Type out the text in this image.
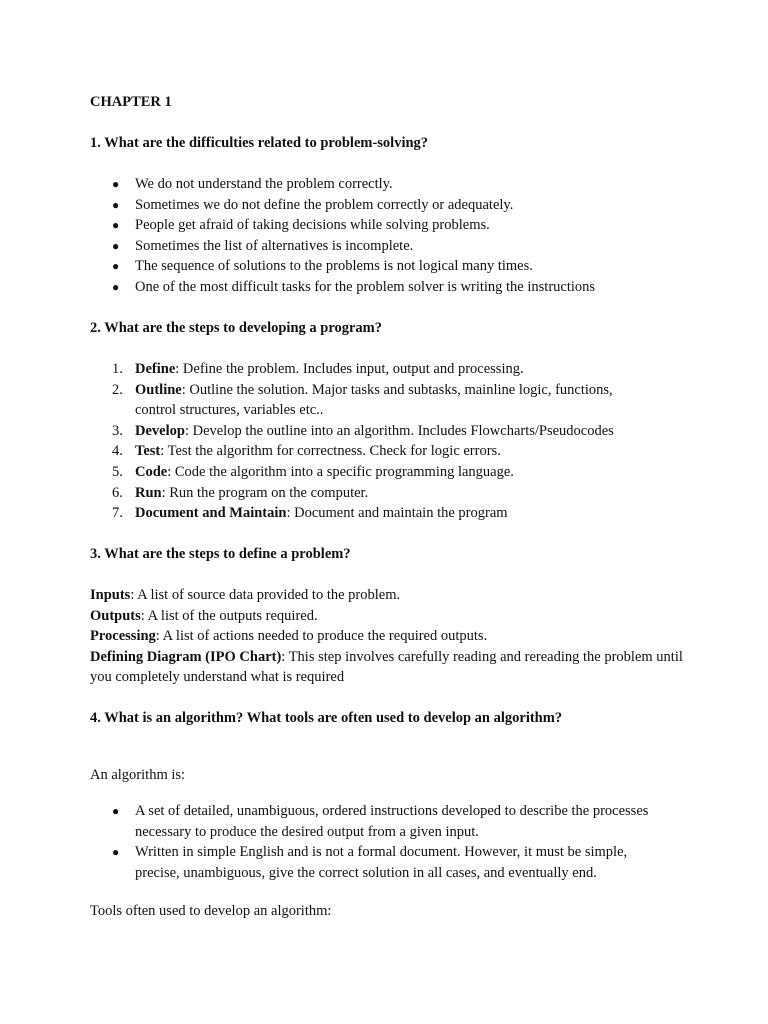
CHAPTER 1
1. What are the difficulties related to problem-solving?
● We do not understand the problem correctly.
● Sometimes we do not define the problem correctly or adequately.
● People get afraid of taking decisions while solving problems.
● Sometimes the list of alternatives is incomplete.
● The sequence of solutions to the problems is not logical many times.
● One of the most difficult tasks for the problem solver is writing the instructions
2. What are the steps to developing a program?
1. Define: Define the problem. Includes input, output and processing.
2. Outline: Outline the solution. Major tasks and subtasks, mainline logic, functions, control structures, variables etc..
3. Develop: Develop the outline into an algorithm. Includes Flowcharts/Pseudocodes
4. Test: Test the algorithm for correctness. Check for logic errors.
5. Code: Code the algorithm into a specific programming language.
6. Run: Run the program on the computer.
7. Document and Maintain: Document and maintain the program
3. What are the steps to define a problem?

Inputs: A list of source data provided to the problem.

Outputs: A list of the outputs required.

Processing: A list of actions needed to produce the required outputs.

Defining Diagram (IPO Chart): This step involves carefully reading and rereading the problem until you completely understand what is required

4. What is an algorithm? What tools are often used to develop an algorithm?
An algorithm is:
● A set of detailed, unambiguous, ordered instructions developed to describe the processes necessary to produce the desired output from a given input.
● Written in simple English and is not a formal document. However, it must be simple, precise, unambiguous, give the correct solution in all cases, and eventually end.
Tools often used to develop an algorithm:
